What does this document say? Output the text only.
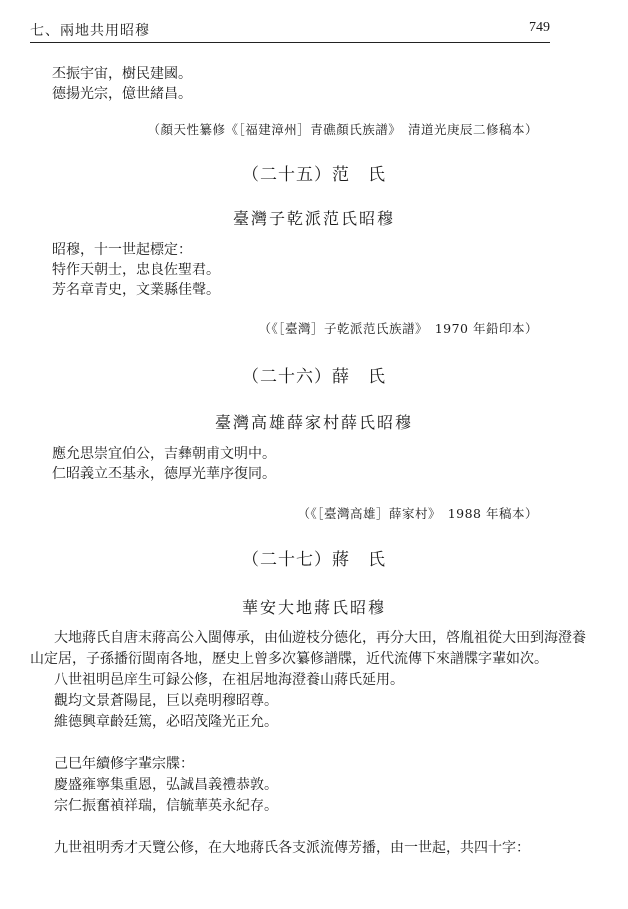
七、兩地共用昭穆	749
丕振宇宙，樹民建國。
德揚光宗，億世緒昌。
（顏天性纂修《［福建漳州］青礁顏氏族譜》　清道光庚辰二修稿本）
（二十五）范　氏
臺灣子乾派范氏昭穆
昭穆，十一世起標定：
特作天朝士，忠良佐聖君。
芳名章青史，文業縣佳聲。
（《［臺灣］子乾派范氏族譜》　1970 年鉛印本）
（二十六）薛　氏
臺灣高雄薛家村薛氏昭穆
應允思崇宜伯公，吉彝朝甫文明中。
仁昭義立丕基永，德厚光華序復同。
（《［臺灣高雄］薛家村》　1988 年稿本）
（二十七）蔣　氏
華安大地蔣氏昭穆
大地蔣氏自唐末蔣高公入閩傳承，由仙遊枝分德化，再分大田，啓胤祖從大田到海澄養山定居，子孫播衍閩南各地，歷史上曾多次纂修譜牒，近代流傳下來譜牒字輩如次。
八世祖明邑庠生可録公修，在祖居地海澄養山蔣氏延用。
觀均文景蒼陽昆，巨以堯明穆昭尊。
維德興章齡廷篤，必昭茂隆光正允。
己巳年續修字輩宗牒：
慶盛雍寧集重恩，弘誠昌義禮恭敦。
宗仁振奮禎祥瑞，信毓華英永紀存。
九世祖明秀才天覽公修，在大地蔣氏各支派流傳芳播，由一世起，共四十字：
